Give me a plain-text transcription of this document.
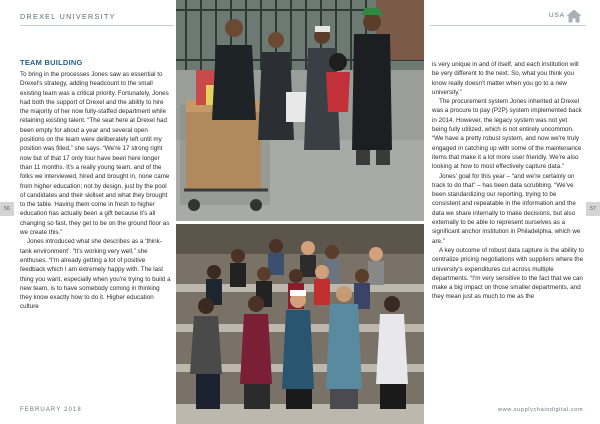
DREXEL UNIVERSITY	USA
56	57
TEAM BUILDING

To bring in the processes Jones saw as essential to Drexel's strategy, adding headcount to the small existing team was a critical priority. Fortunately, Jones had both the support of Drexel and the ability to hire the majority of her now fully-staffed department while retaining existing talent. “The seat here at Drexel had been empty for about a year and several open positions on the team were deliberately left until my position was filled,” she says. “We're 17 strong right now but of that 17 only four have been here longer than 11 months. It's a really young team, and of the folks we interviewed, hired and brought in, none came from higher education; not by design, just by the pool of candidates and their skillset and what they brought to the table. Having them come in fresh to higher education has actually been a gift because it's all changing so fast, they get to be on the ground floor as we create this.”

Jones introduced what she describes as a ‘think-tank environment’. “It's working very well,” she enthuses. “I'm already getting a lot of positive feedback which I am extremely happy with. The last thing you want, especially when you're trying to build a new team, is to have somebody coming in thinking they know exactly how to do it. Higher education culture

is very unique in and of itself, and each institution will be very different to the next. So, what you think you know really doesn't matter when you go to a new university.”

The procurement system Jones inherited at Drexel was a procure to pay (P2P) system implemented back in 2014. However, the legacy system was not yet being fully utilized, which is not entirely uncommon. “We have a pretty robust system, and now we're truly engaged in catching up with some of the maintenance items that make it a lot more user friendly. We're also looking at how to most effectively capture data.”

Jones' goal for this year – “and we're certainly on track to do that” – has been data scrubbing. “We've been standardizing our reporting, trying to be consistent and repeatable in the information and the data we share internally to make decisions, but also externally to be able to represent ourselves as a significant anchor institution in Philadelphia, which we are.”

A key outcome of robust data capture is the ability to centralize pricing negotiations with suppliers where the university's expenditures cut across multiple departments. “I'm very sensitive to the fact that we can make a big impact on those smaller departments, and they mean just as much to me as the

FEBRUARY 2018	www.supplychaindigital.com
